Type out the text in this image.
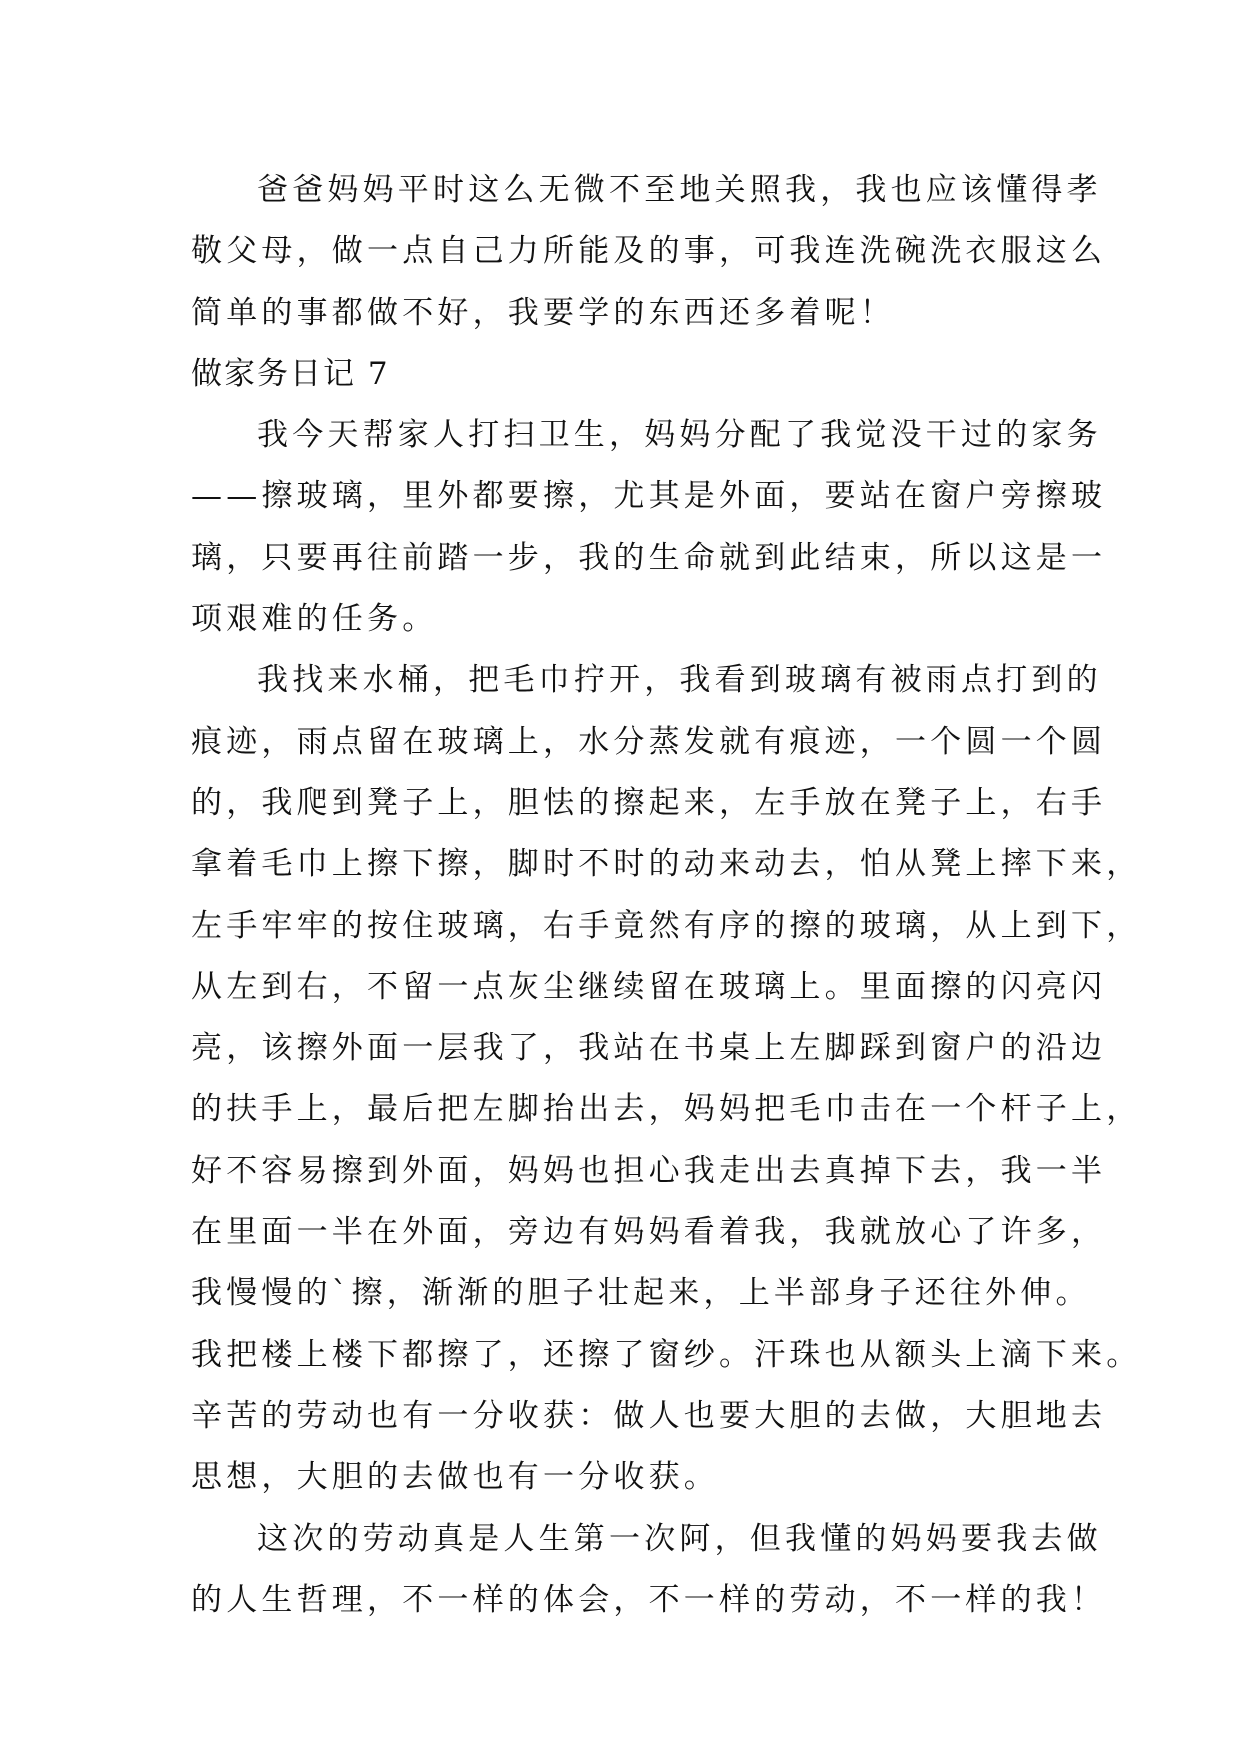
爸爸妈妈平时这么无微不至地关照我，我也应该懂得孝
敬父母，做一点自己力所能及的事，可我连洗碗洗衣服这么
简单的事都做不好，我要学的东西还多着呢！
做家务日记 7
我今天帮家人打扫卫生，妈妈分配了我觉没干过的家务
——擦玻璃，里外都要擦，尤其是外面，要站在窗户旁擦玻
璃，只要再往前踏一步，我的生命就到此结束，所以这是一
项艰难的任务。
我找来水桶，把毛巾拧开，我看到玻璃有被雨点打到的
痕迹，雨点留在玻璃上，水分蒸发就有痕迹，一个圆一个圆
的，我爬到凳子上，胆怯的擦起来，左手放在凳子上，右手
拿着毛巾上擦下擦，脚时不时的动来动去，怕从凳上摔下来，
左手牢牢的按住玻璃，右手竟然有序的擦的玻璃，从上到下，
从左到右，不留一点灰尘继续留在玻璃上。里面擦的闪亮闪
亮，该擦外面一层我了，我站在书桌上左脚踩到窗户的沿边
的扶手上，最后把左脚抬出去，妈妈把毛巾击在一个杆子上，
好不容易擦到外面，妈妈也担心我走出去真掉下去，我一半
在里面一半在外面，旁边有妈妈看着我，我就放心了许多，
我慢慢的`擦，渐渐的胆子壮起来，上半部身子还往外伸。
我把楼上楼下都擦了，还擦了窗纱。汗珠也从额头上滴下来。
辛苦的劳动也有一分收获：做人也要大胆的去做，大胆地去
思想，大胆的去做也有一分收获。
这次的劳动真是人生第一次阿，但我懂的妈妈要我去做
的人生哲理，不一样的体会，不一样的劳动，不一样的我！
